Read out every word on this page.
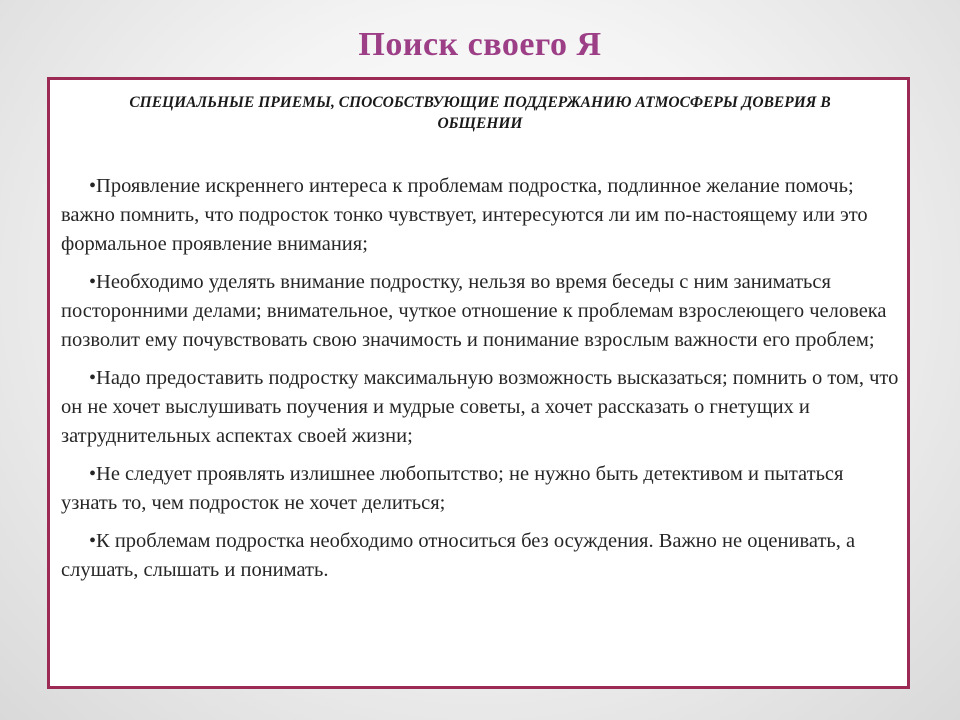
Поиск своего Я
СПЕЦИАЛЬНЫЕ ПРИЕМЫ, СПОСОБСТВУЮЩИЕ ПОДДЕРЖАНИЮ АТМОСФЕРЫ ДОВЕРИЯ В ОБЩЕНИИ
•Проявление искреннего интереса к проблемам подростка, подлинное желание помочь; важно помнить, что подросток тонко чувствует, интересуются ли им по-настоящему или это формальное проявление внимания;
•Необходимо уделять внимание подростку, нельзя во время беседы с ним заниматься посторонними делами; внимательное, чуткое отношение к проблемам взрослеющего человека позволит ему почувствовать свою значимость и понимание взрослым важности его проблем;
•Надо предоставить подростку максимальную возможность высказаться; помнить о том, что он не хочет выслушивать поучения и мудрые советы, а хочет рассказать о гнетущих и затруднительных аспектах своей жизни;
•Не следует проявлять излишнее любопытство; не нужно быть детективом и пытаться узнать то, чем подросток не хочет делиться;
•К проблемам подростка необходимо относиться без осуждения. Важно не оценивать, а слушать, слышать и понимать.
